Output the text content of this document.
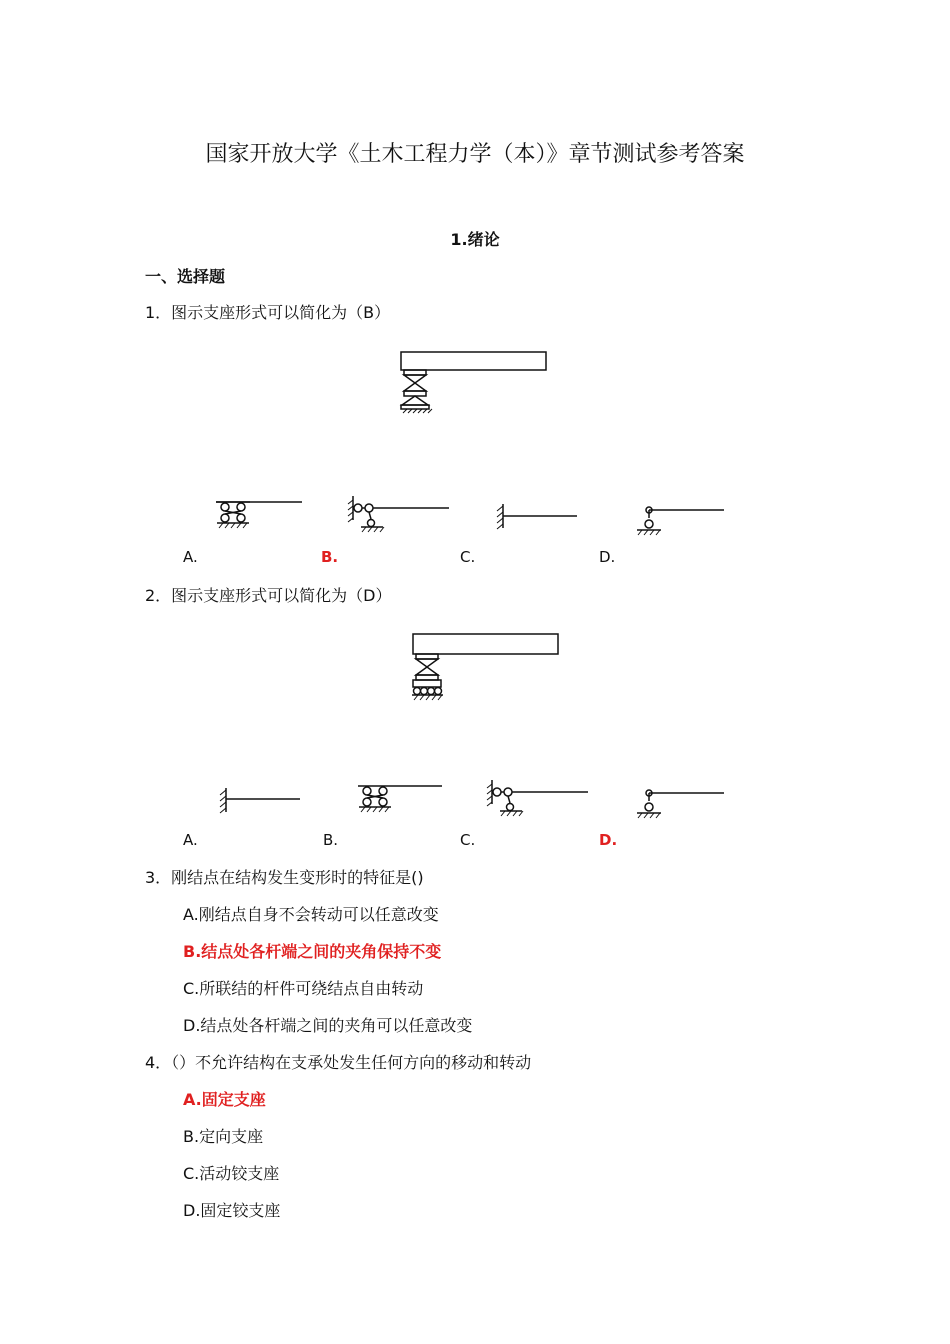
国家开放大学《土木工程力学（本）》章节测试参考答案
1.绪论
一、选择题
1．图示支座形式可以简化为（B）
A.	B.	C.	D.
2．图示支座形式可以简化为（D）
A.	B.	C.	D.
3．刚结点在结构发生变形时的特征是()
A.刚结点自身不会转动可以任意改变
B.结点处各杆端之间的夹角保持不变
C.所联结的杆件可绕结点自由转动
D.结点处各杆端之间的夹角可以任意改变
4．（）不允许结构在支承处发生任何方向的移动和转动
A.固定支座
B.定向支座
C.活动铰支座
D.固定铰支座
